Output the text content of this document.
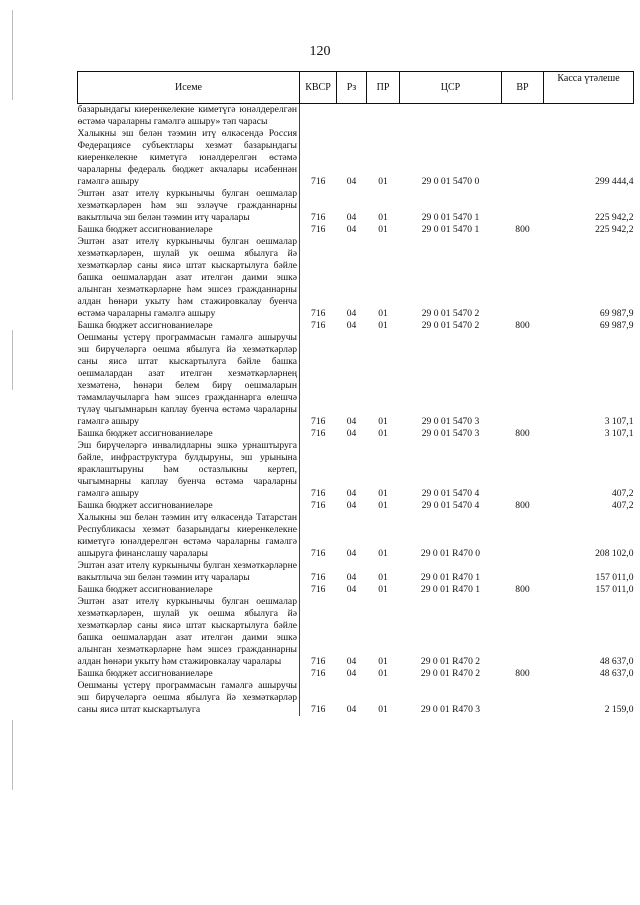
120
Исеме	КВСР	Рз	ПР	ЦСР	ВР	Касса үтәлеше
базарындагы киеренкелекне киметүгә юнәлдерелгән өстәмә чараларны гамәлгә ашыру» тәп чарасы						
Халыкны эш белән тәэмин итү өлкәсендә Россия Федерациясе субъектлары хезмәт базарындагы киеренкелекне киметүгә юнәлдерелгән өстәмә чараларны федераль бюджет акчалары исәбеннән гамәлгә ашыру	716	04	01	29 0 01 5470 0		299 444,4
Эштән азат ителү куркынычы булган оешмалар хезмәткәрләрен һәм эш эзләүче гражданнарны вакытлыча эш белән тәэмин итү чаралары	716	04	01	29 0 01 5470 1		225 942,2
Башка бюджет ассигнованиеләре	716	04	01	29 0 01 5470 1	800	225 942,2
Эштән азат ителү куркынычы булган оешмалар хезмәткәрләрен, шулай ук оешма ябылуга йә хезмәткәрләр саны яисә штат кыскартылуга бәйле башка оешмалардан азат ителгән даими эшкә алынган хезмәткәрләрне һәм эшсез гражданнарны алдан һөнәри укыту һәм стажировкалау буенча өстәмә чараларны гамәлгә ашыру	716	04	01	29 0 01 5470 2		69 987,9
Башка бюджет ассигнованиеләре	716	04	01	29 0 01 5470 2	800	69 987,9
Оешманы үстерү программасын гамәлгә ашыручы эш бирүчеләргә оешма ябылуга йә хезмәткәрләр саны яисә штат кыскартылуга бәйле башка оешмалардан азат ителгән хезмәткәрләрнең хезмәтенә, һөнәри белем бирү оешмаларын тәмамлаучыларга һәм эшсез гражданнарга өлешчә түләү чыгымнарын каплау буенча өстәмә чараларны гамәлгә ашыру	716	04	01	29 0 01 5470 3		3 107,1
Башка бюджет ассигнованиеләре	716	04	01	29 0 01 5470 3	800	3 107,1
Эш бирүчеләргә инвалидларны эшкә урнаштыруга бәйле, инфраструктура булдыруны, эш урынына яраклаштыруны һәм остазлыкны кертеп, чыгымнарны каплау буенча өстәмә чараларны гамәлгә ашыру	716	04	01	29 0 01 5470 4		407,2
Башка бюджет ассигнованиеләре	716	04	01	29 0 01 5470 4	800	407,2
Халыкны эш белән тәэмин итү өлкәсендә Татарстан Республикасы хезмәт базарындагы киеренкелекне киметүгә юнәлдерелгән өстәмә чараларны гамәлгә ашыруга финанслашу чаралары	716	04	01	29 0 01 R470 0		208 102,0
Эштән азат ителү куркынычы булган хезмәткәрләрне вакытлыча эш белән тәэмин итү чаралары	716	04	01	29 0 01 R470 1		157 011,0
Башка бюджет ассигнованиеләре	716	04	01	29 0 01 R470 1	800	157 011,0
Эштән азат ителү куркынычы булган оешмалар хезмәткәрләрен, шулай ук оешма ябылуга йә хезмәткәрләр саны яисә штат кыскартылуга бәйле башка оешмалардан азат ителгән даими эшкә алынган хезмәткәрләрне һәм эшсез гражданнарны алдан һөнәри укыту һәм стажировкалау чаралары	716	04	01	29 0 01 R470 2		48 637,0
Башка бюджет ассигнованиеләре	716	04	01	29 0 01 R470 2	800	48 637,0
Оешманы үстерү программасын гамәлгә ашыручы эш бирүчеләргә оешма ябылуга йә хезмәткәрләр саны яисә штат кыскартылуга	716	04	01	29 0 01 R470 3		2 159,0
